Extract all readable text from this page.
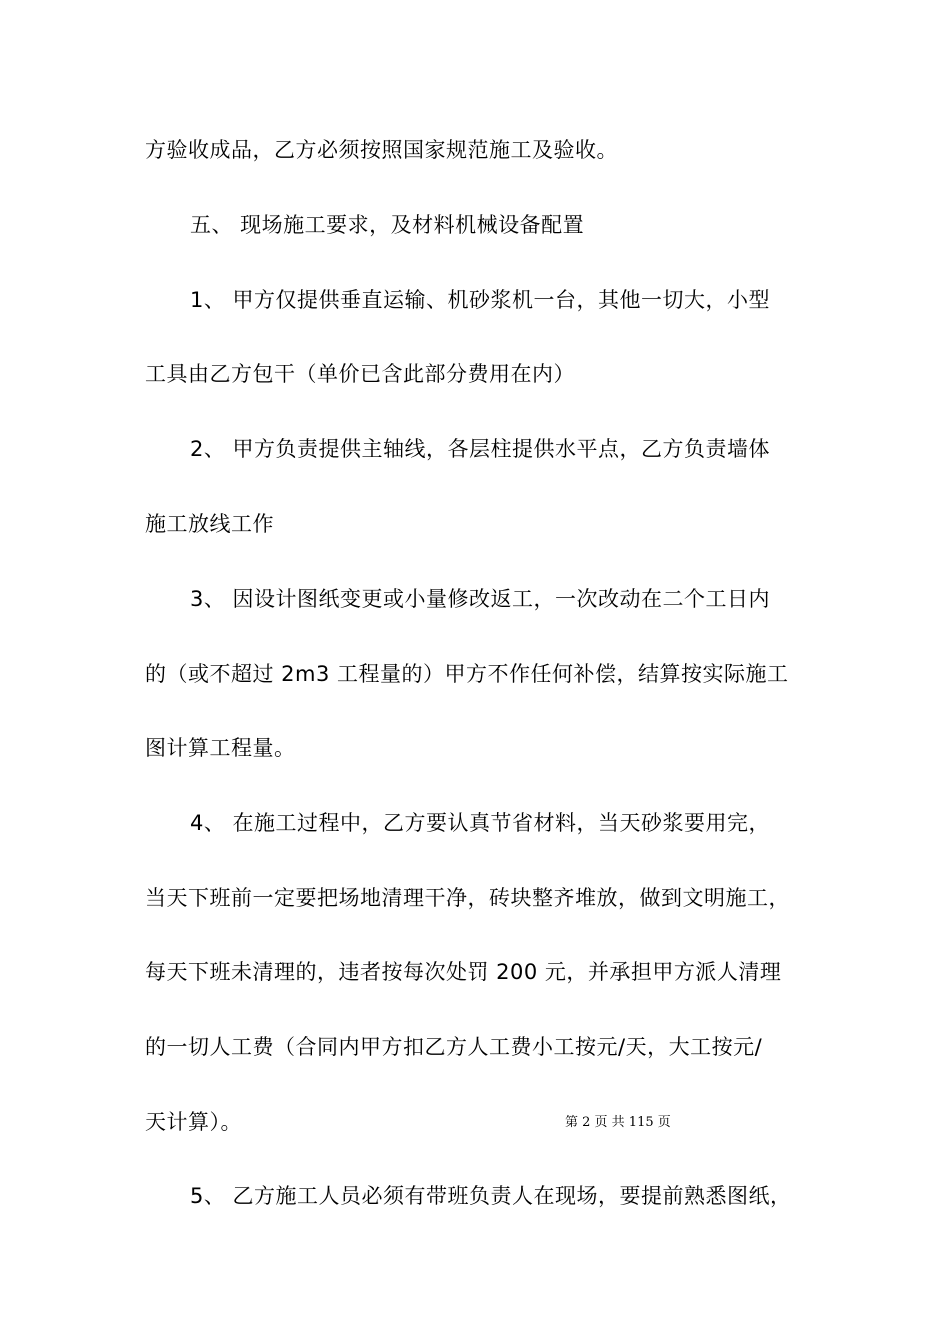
方验收成品，乙方必须按照国家规范施工及验收。
五、 现场施工要求，及材料机械设备配置
1、 甲方仅提供垂直运输、机砂浆机一台，其他一切大，小型
工具由乙方包干（单价已含此部分费用在内）
2、 甲方负责提供主轴线，各层柱提供水平点，乙方负责墙体
施工放线工作
3、 因设计图纸变更或小量修改返工，一次改动在二个工日内
的（或不超过 2m3 工程量的）甲方不作任何补偿，结算按实际施工
图计算工程量。
4、 在施工过程中，乙方要认真节省材料，当天砂浆要用完，
当天下班前一定要把场地清理干净，砖块整齐堆放，做到文明施工，
每天下班未清理的，违者按每次处罚 200 元，并承担甲方派人清理
的一切人工费（合同内甲方扣乙方人工费小工按元/天，大工按元/
天计算）。	第 2 页 共 115 页
5、 乙方施工人员必须有带班负责人在现场，要提前熟悉图纸，
